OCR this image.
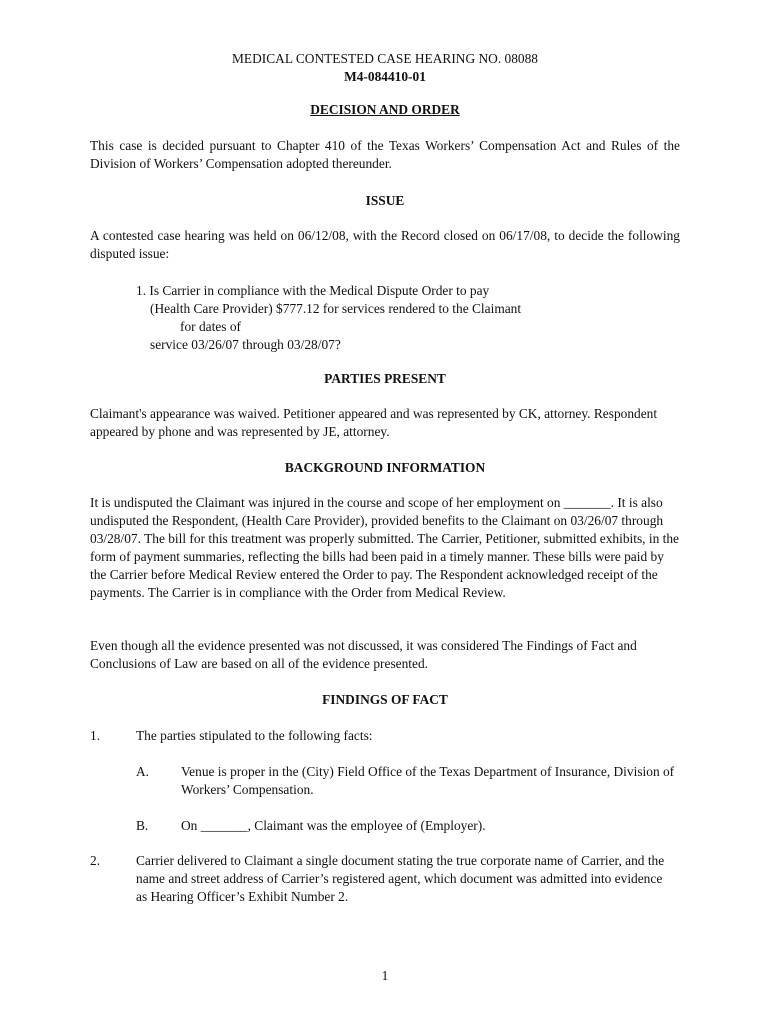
MEDICAL CONTESTED CASE HEARING NO. 08088

M4-084410-01

DECISION AND ORDER

This case is decided pursuant to Chapter 410 of the Texas Workers’ Compensation Act and Rules of the Division of Workers’ Compensation adopted thereunder.

ISSUE

A contested case hearing was held on 06/12/08, with the Record closed on 06/17/08, to decide the following disputed issue:

1. Is Carrier in compliance with the Medical Dispute Order to pay
(Health Care Provider) $777.12 for services rendered to the Claimant
for dates of
service 03/26/07 through 03/28/07?

PARTIES PRESENT

Claimant's appearance was waived. Petitioner appeared and was represented by CK, attorney. Respondent appeared by phone and was represented by JE, attorney.

BACKGROUND INFORMATION

It is undisputed the Claimant was injured in the course and scope of her employment on _______. It is also undisputed the Respondent, (Health Care Provider), provided benefits to the Claimant on 03/26/07 through 03/28/07. The bill for this treatment was properly submitted. The Carrier, Petitioner, submitted exhibits, in the form of payment summaries, reflecting the bills had been paid in a timely manner. These bills were paid by the Carrier before Medical Review entered the Order to pay. The Respondent acknowledged receipt of the payments. The Carrier is in compliance with the Order from Medical Review.

Even though all the evidence presented was not discussed, it was considered The Findings of Fact and Conclusions of Law are based on all of the evidence presented.

FINDINGS OF FACT

1.	The parties stipulated to the following facts:

A. Venue is proper in the (City) Field Office of the Texas Department of Insurance, Division of Workers’ Compensation.

B. On _______, Claimant was the employee of (Employer).

2.	Carrier delivered to Claimant a single document stating the true corporate name of Carrier, and the name and street address of Carrier’s registered agent, which document was admitted into evidence as Hearing Officer’s Exhibit Number 2.

1
